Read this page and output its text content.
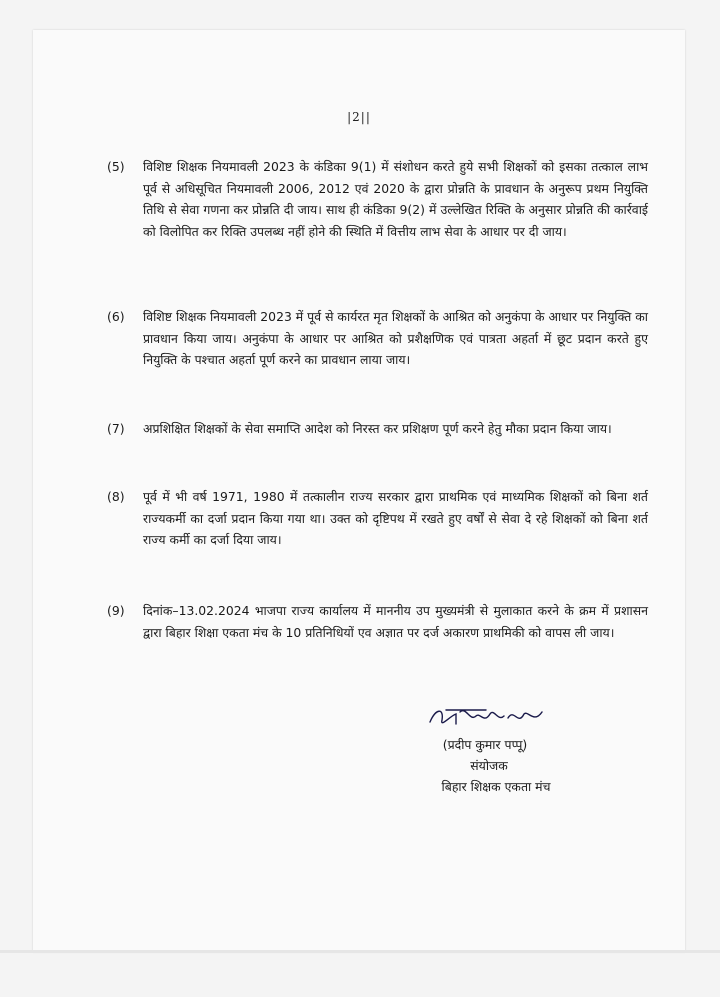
|2||
(5)	विशिष्ट शिक्षक नियमावली 2023 के कंडिका 9(1) में संशोधन करते हुये सभी शिक्षकों को इसका तत्काल लाभ पूर्व से अधिसूचित नियमावली 2006, 2012 एवं 2020 के द्वारा प्रोन्नति के प्रावधान के अनुरूप प्रथम नियुक्ति तिथि से सेवा गणना कर प्रोन्नति दी जाय। साथ ही कंडिका 9(2) में उल्लेखित रिक्ति के अनुसार प्रोन्नति की कार्रवाई को विलोपित कर रिक्ति उपलब्ध नहीं होने की स्थिति में वित्तीय लाभ सेवा के आधार पर दी जाय।
(6)	विशिष्ट शिक्षक नियमावली 2023 में पूर्व से कार्यरत मृत शिक्षकों के आश्रित को अनुकंपा के आधार पर नियुक्ति का प्रावधान किया जाय। अनुकंपा के आधार पर आश्रित को प्रशैक्षणिक एवं पात्रता अहर्ता में छूट प्रदान करते हुए नियुक्ति के पश्चात अहर्ता पूर्ण करने का प्रावधान लाया जाय।
(7)	अप्रशिक्षित शिक्षकों के सेवा समाप्ति आदेश को निरस्त कर प्रशिक्षण पूर्ण करने हेतु मौका प्रदान किया जाय।
(8)	पूर्व में भी वर्ष 1971, 1980 में तत्कालीन राज्य सरकार द्वारा प्राथमिक एवं माध्यमिक शिक्षकों को बिना शर्त राज्यकर्मी का दर्जा प्रदान किया गया था। उक्त को दृष्टिपथ में रखते हुए वर्षों से सेवा दे रहे शिक्षकों को बिना शर्त राज्य कर्मी का दर्जा दिया जाय।
(9)	दिनांक–13.02.2024 भाजपा राज्य कार्यालय में माननीय उप मुख्यमंत्री से मुलाकात करने के क्रम में प्रशासन द्वारा बिहार शिक्षा एकता मंच के 10 प्रतिनिधियों एव अज्ञात पर दर्ज अकारण प्राथमिकी को वापस ली जाय।
(प्रदीप कुमार पप्पू)
संयोजक
बिहार शिक्षक एकता मंच
